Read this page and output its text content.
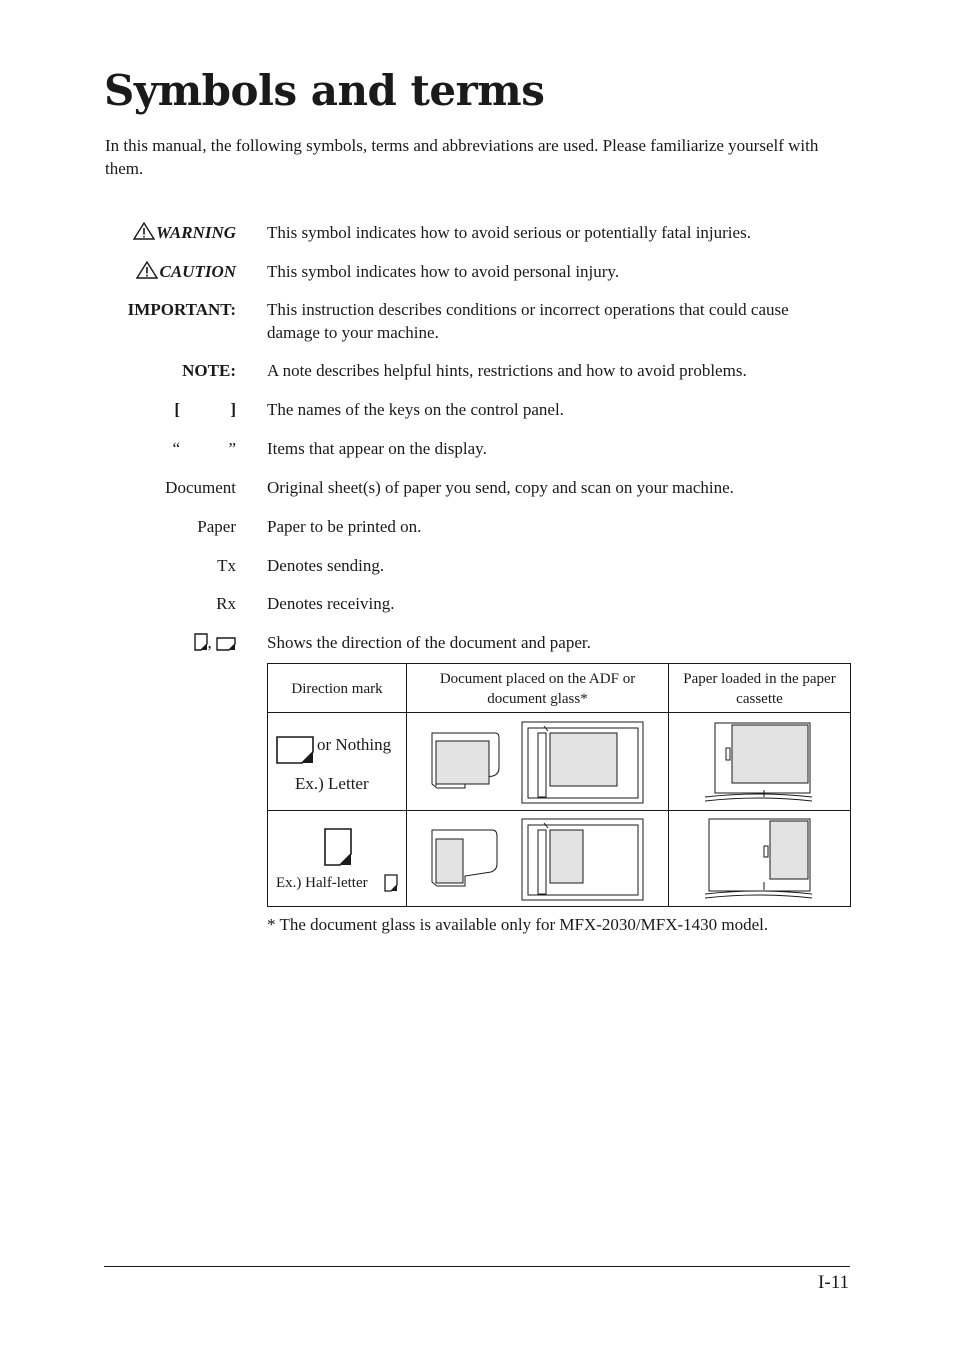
Symbols and terms

In this manual, the following symbols, terms and abbreviations are used. Please familiarize yourself with them.

WARNING This symbol indicates how to avoid serious or potentially fatal injuries.
CAUTION This symbol indicates how to avoid personal injury.
IMPORTANT: This instruction describes conditions or incorrect operations that could cause damage to your machine.
NOTE: A note describes helpful hints, restrictions and how to avoid problems.
[	] The names of the keys on the control panel.
“	” Items that appear on the display.
Document Original sheet(s) of paper you send, copy and scan on your machine.
Paper Paper to be printed on.
Tx Denotes sending.
Rx Denotes receiving.
,	Shows the direction of the document and paper.
Direction mark	Document placed on the ADF or document glass*	Paper loaded in the paper cassette

or Nothing
Ex.) Letter

Ex.) Half-letter

* The document glass is available only for MFX-2030/MFX-1430 model.

I-11
